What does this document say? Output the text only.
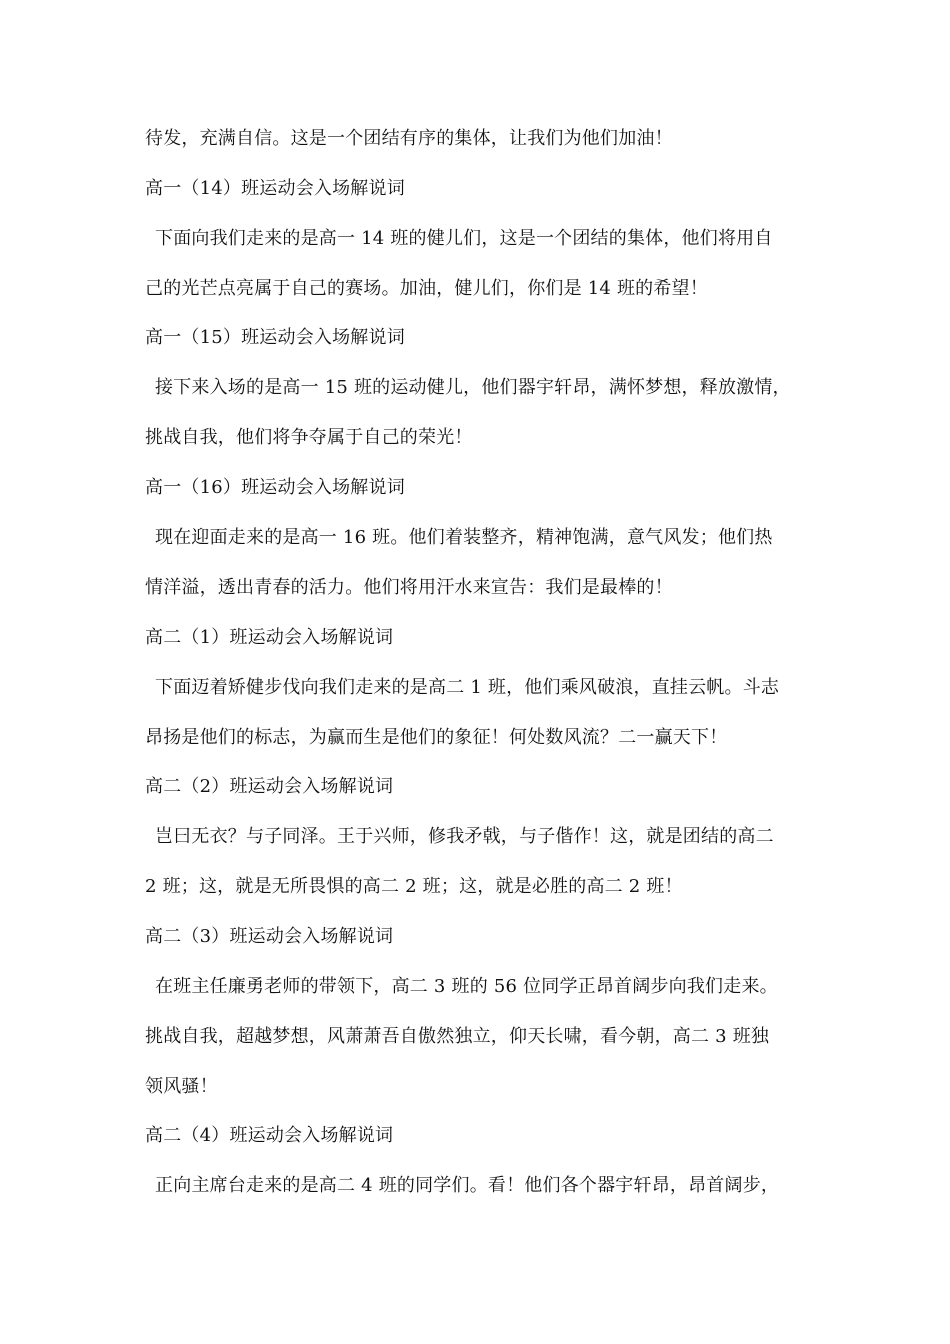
待发，充满自信。这是一个团结有序的集体，让我们为他们加油！
高一（14）班运动会入场解说词
下面向我们走来的是高一 14 班的健儿们，这是一个团结的集体，他们将用自
己的光芒点亮属于自己的赛场。加油，健儿们，你们是 14 班的希望！
高一（15）班运动会入场解说词
接下来入场的是高一 15 班的运动健儿，他们器宇轩昂，满怀梦想，释放激情，
挑战自我，他们将争夺属于自己的荣光！
高一（16）班运动会入场解说词
现在迎面走来的是高一 16 班。他们着装整齐，精神饱满，意气风发；他们热
情洋溢，透出青春的活力。他们将用汗水来宣告：我们是最棒的！
高二（1）班运动会入场解说词
下面迈着矫健步伐向我们走来的是高二 1 班，他们乘风破浪，直挂云帆。斗志
昂扬是他们的标志，为赢而生是他们的象征！何处数风流？二一赢天下！
高二（2）班运动会入场解说词
岂曰无衣？与子同泽。王于兴师，修我矛戟，与子偕作！这，就是团结的高二
2 班；这，就是无所畏惧的高二 2 班；这，就是必胜的高二 2 班！
高二（3）班运动会入场解说词
在班主任廉勇老师的带领下，高二 3 班的 56 位同学正昂首阔步向我们走来。
挑战自我，超越梦想，风萧萧吾自傲然独立，仰天长啸，看今朝，高二 3 班独
领风骚！
高二（4）班运动会入场解说词
正向主席台走来的是高二 4 班的同学们。看！他们各个器宇轩昂，昂首阔步，
